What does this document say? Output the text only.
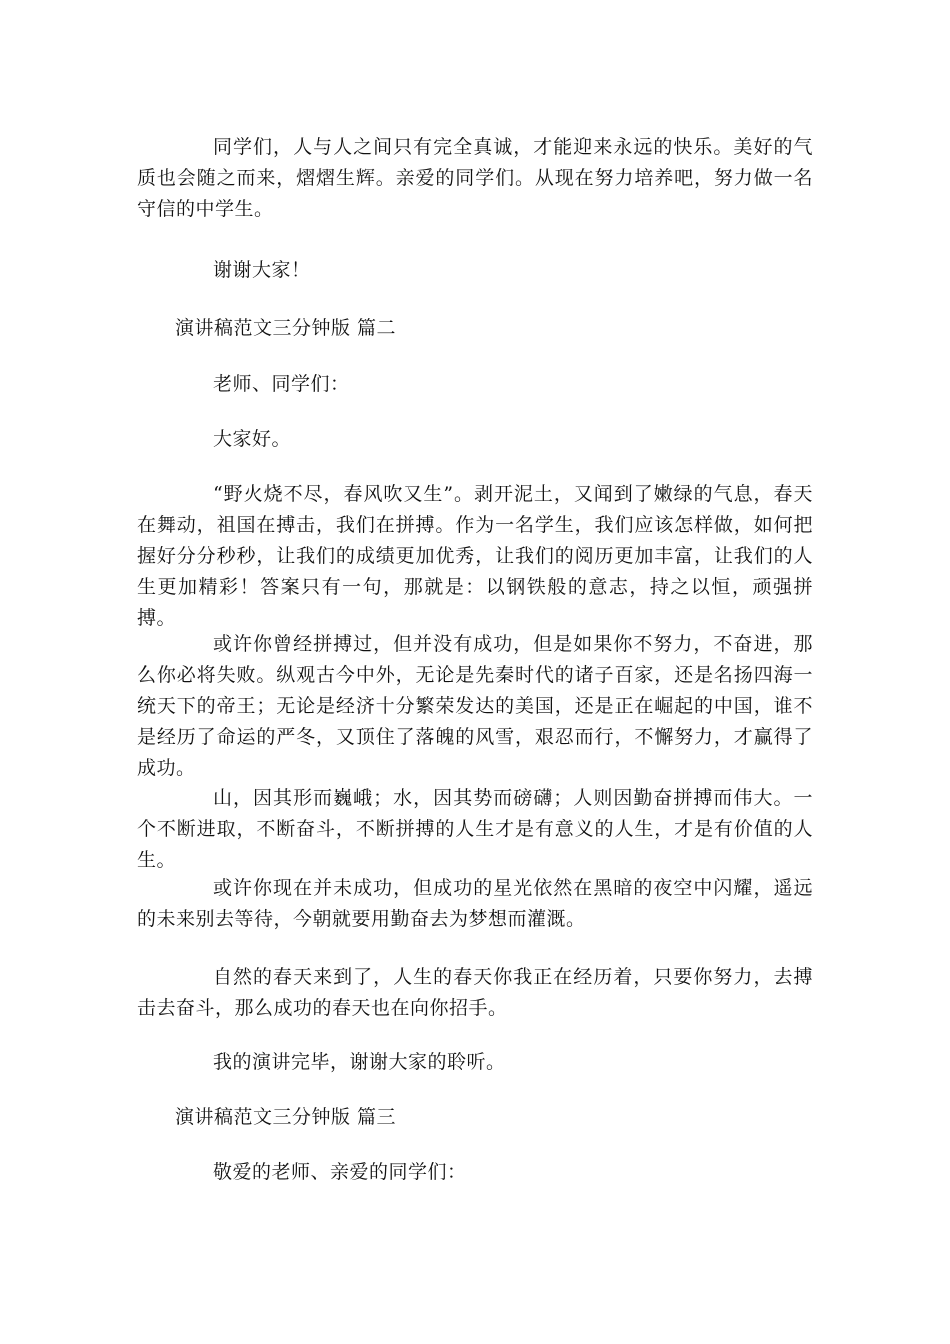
同学们，人与人之间只有完全真诚，才能迎来永远的快乐。美好的气质也会随之而来，熠熠生辉。亲爱的同学们。从现在努力培养吧，努力做一名守信的中学生。

谢谢大家！

演讲稿范文三分钟版 篇二

老师、同学们：

大家好。

“野火烧不尽，春风吹又生”。剥开泥土，又闻到了嫩绿的气息，春天在舞动，祖国在搏击，我们在拼搏。作为一名学生，我们应该怎样做，如何把握好分分秒秒，让我们的成绩更加优秀，让我们的阅历更加丰富，让我们的人生更加精彩！答案只有一句，那就是：以钢铁般的意志，持之以恒，顽强拼搏。

或许你曾经拼搏过，但并没有成功，但是如果你不努力，不奋进，那么你必将失败。纵观古今中外，无论是先秦时代的诸子百家，还是名扬四海一统天下的帝王；无论是经济十分繁荣发达的美国，还是正在崛起的中国，谁不是经历了命运的严冬，又顶住了落魄的风雪，艰忍而行，不懈努力，才赢得了成功。

山，因其形而巍峨；水，因其势而磅礴；人则因勤奋拼搏而伟大。一个不断进取，不断奋斗，不断拼搏的人生才是有意义的人生，才是有价值的人生。

或许你现在并未成功，但成功的星光依然在黑暗的夜空中闪耀，遥远的未来别去等待，今朝就要用勤奋去为梦想而灌溉。

自然的春天来到了，人生的春天你我正在经历着，只要你努力，去搏击去奋斗，那么成功的春天也在向你招手。

我的演讲完毕，谢谢大家的聆听。

演讲稿范文三分钟版 篇三

敬爱的老师、亲爱的同学们：
